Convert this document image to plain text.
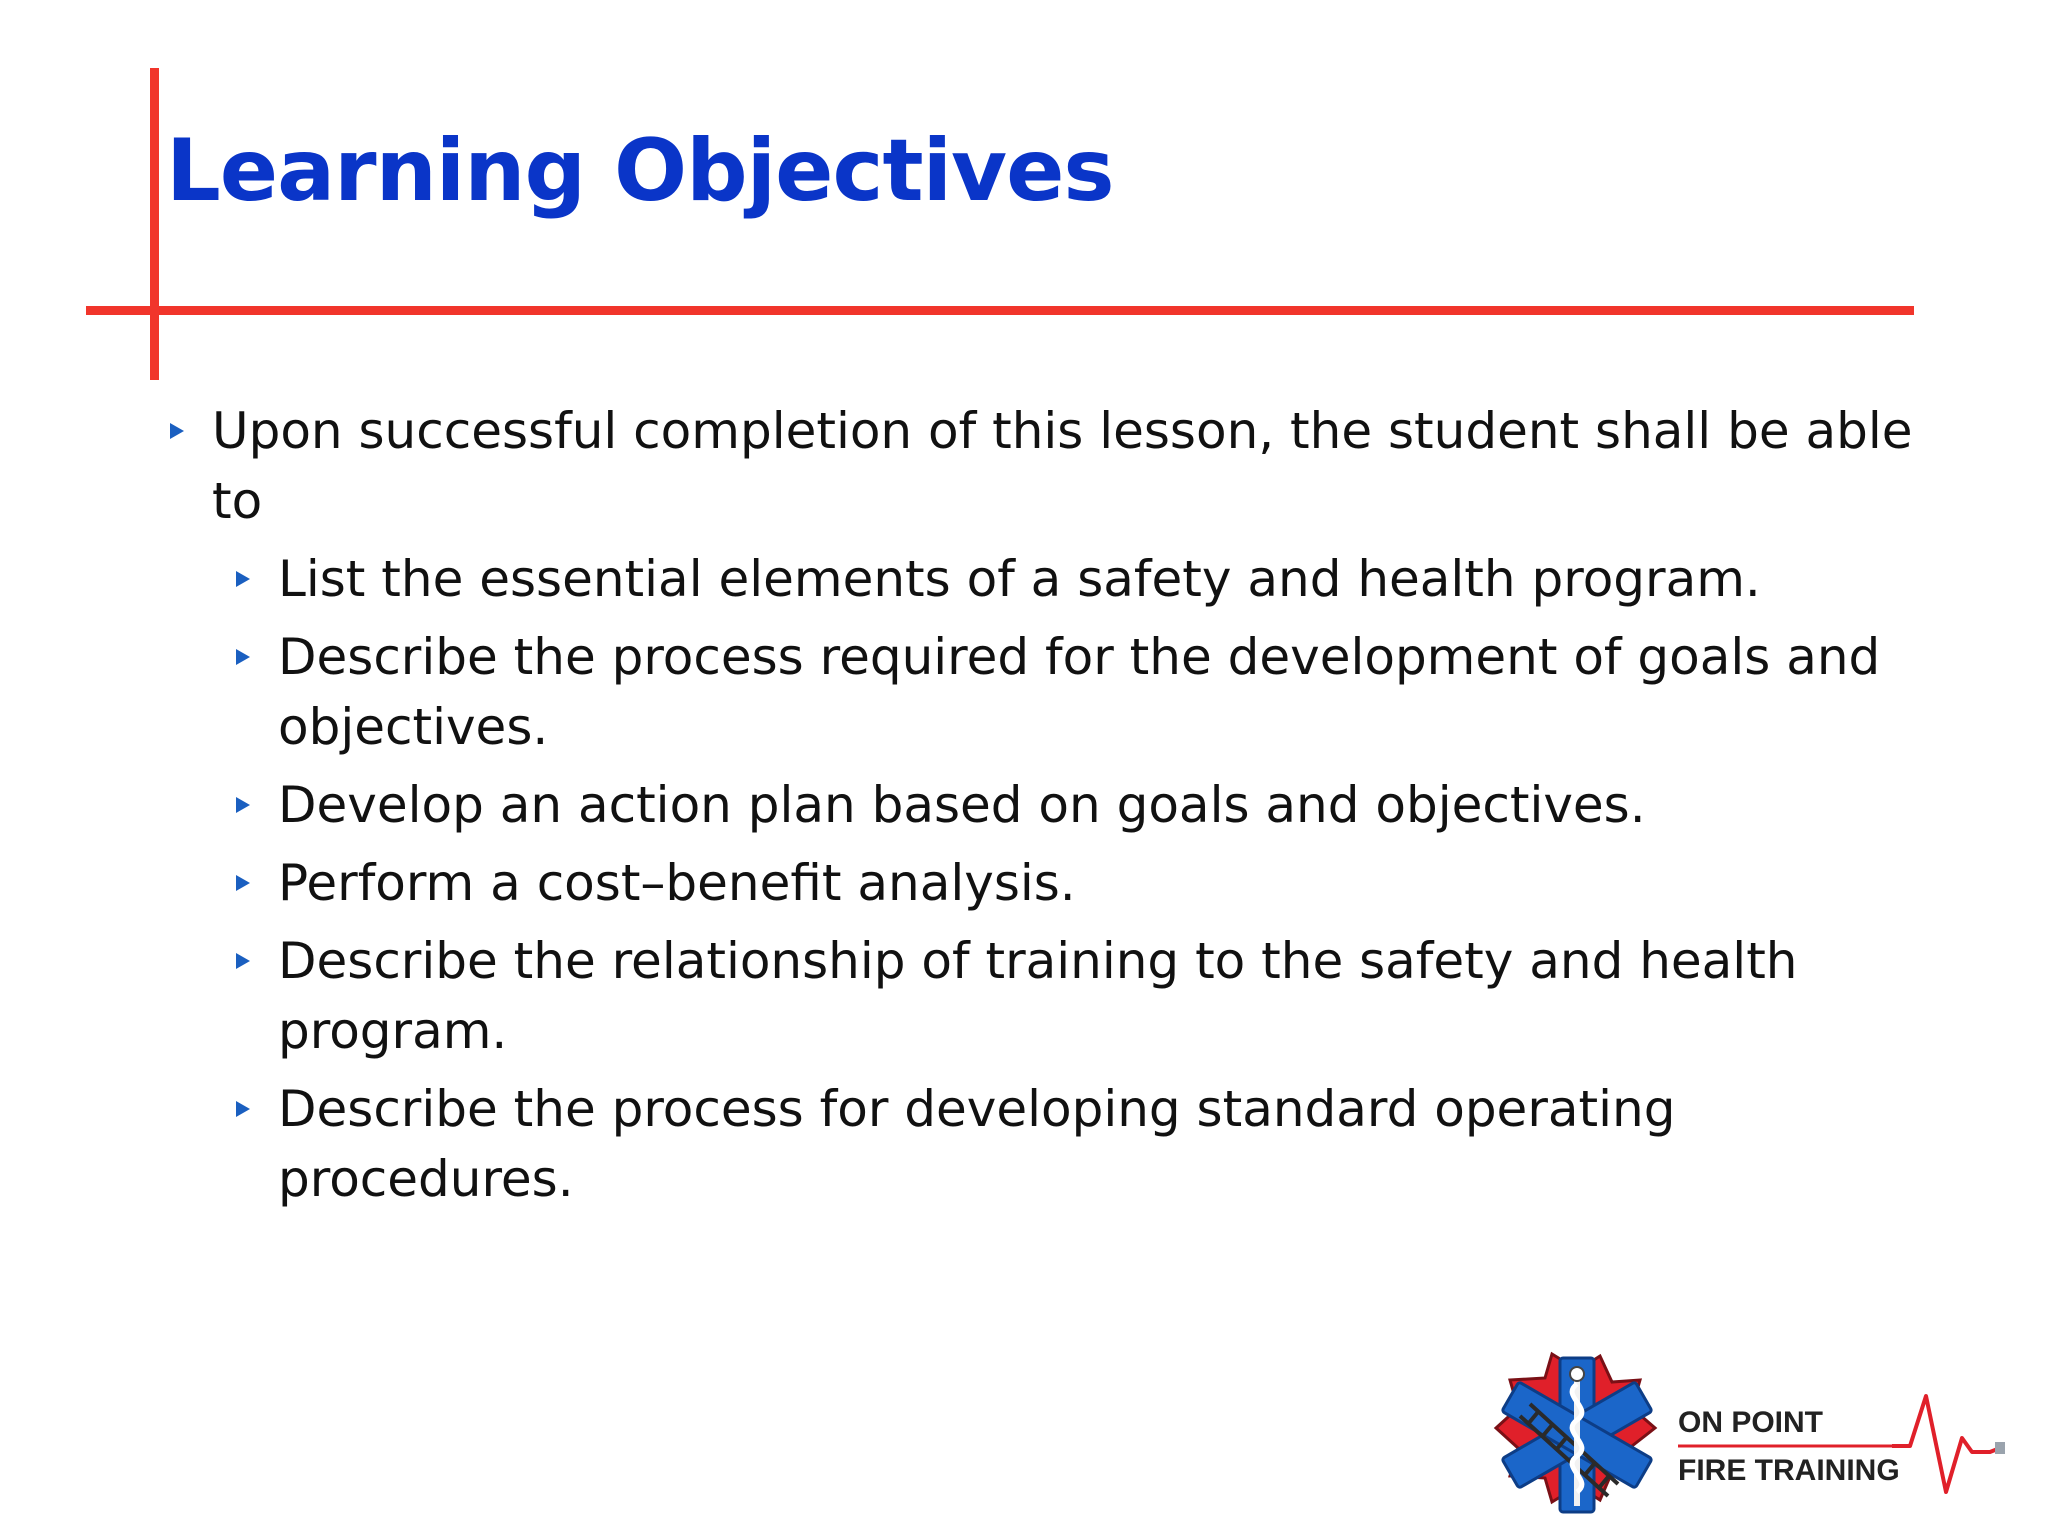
Learning Objectives
Upon successful completion of this lesson, the student shall be able to
List the essential elements of a safety and health program.
Describe the process required for the development of goals and objectives.
Develop an action plan based on goals and objectives.
Perform a cost–benefit analysis.
Describe the relationship of training to the safety and health program.
Describe the process for developing standard operating procedures.
ON POINT
FIRE TRAINING
